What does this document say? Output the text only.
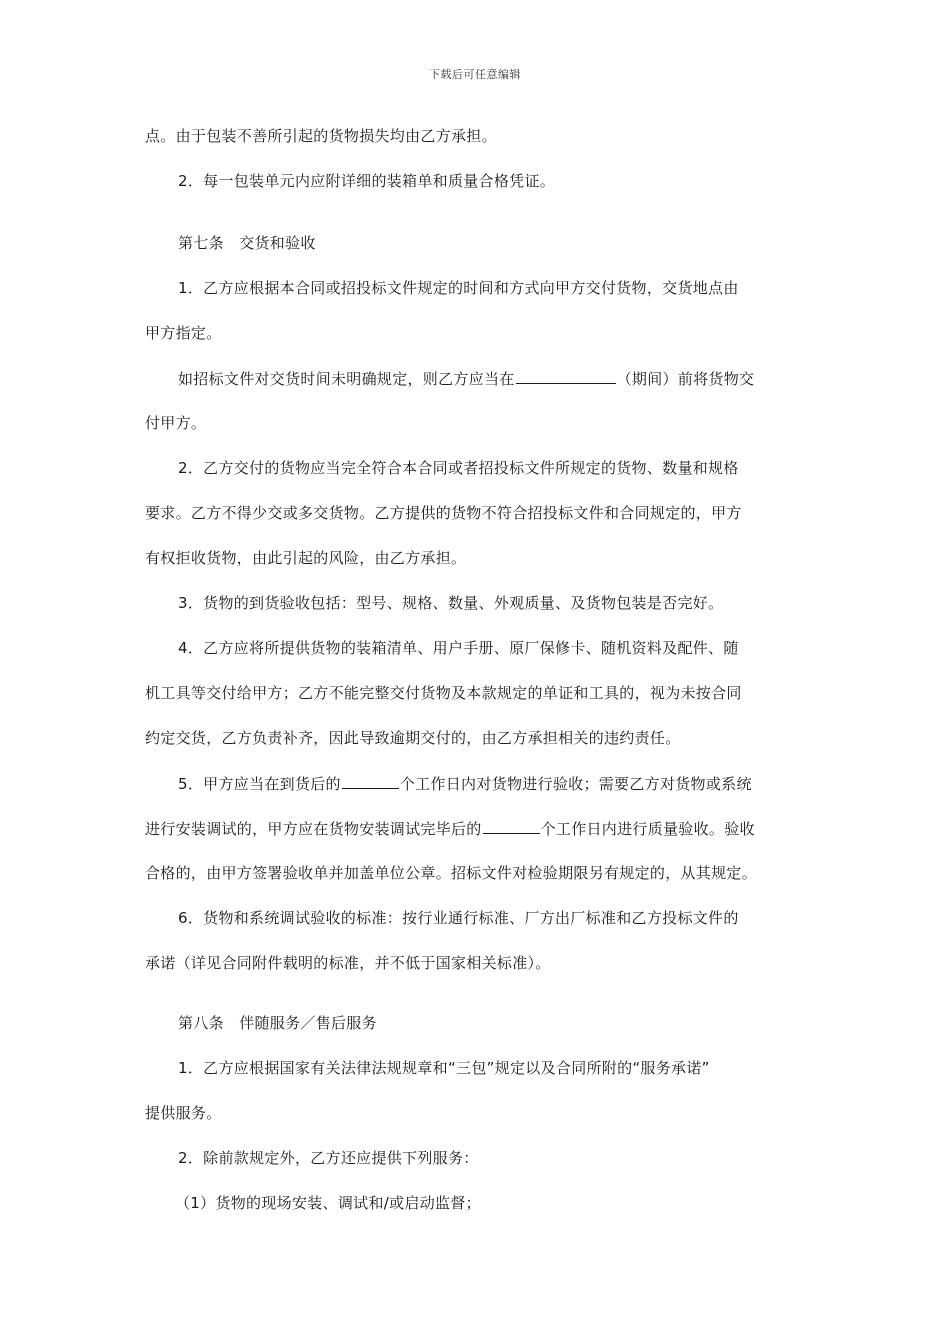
下载后可任意编辑
点。由于包装不善所引起的货物损失均由乙方承担。
2．每一包装单元内应附详细的装箱单和质量合格凭证。
第七条　交货和验收
1．乙方应根据本合同或招投标文件规定的时间和方式向甲方交付货物，交货地点由
甲方指定。
如招标文件对交货时间未明确规定，则乙方应当在	（期间）前将货物交
付甲方。
2．乙方交付的货物应当完全符合本合同或者招投标文件所规定的货物、数量和规格
要求。乙方不得少交或多交货物。乙方提供的货物不符合招投标文件和合同规定的，甲方
有权拒收货物，由此引起的风险，由乙方承担。
3．货物的到货验收包括：型号、规格、数量、外观质量、及货物包装是否完好。
4．乙方应将所提供货物的装箱清单、用户手册、原厂保修卡、随机资料及配件、随
机工具等交付给甲方；乙方不能完整交付货物及本款规定的单证和工具的，视为未按合同
约定交货，乙方负责补齐，因此导致逾期交付的，由乙方承担相关的违约责任。
5．甲方应当在到货后的	个工作日内对货物进行验收；需要乙方对货物或系统
进行安装调试的，甲方应在货物安装调试完毕后的	个工作日内进行质量验收。验收
合格的，由甲方签署验收单并加盖单位公章。招标文件对检验期限另有规定的，从其规定。
6．货物和系统调试验收的标准：按行业通行标准、厂方出厂标准和乙方投标文件的
承诺（详见合同附件载明的标准，并不低于国家相关标准）。
第八条　伴随服务／售后服务
1．乙方应根据国家有关法律法规规章和“三包”规定以及合同所附的“服务承诺”
提供服务。
2．除前款规定外，乙方还应提供下列服务：
（1）货物的现场安装、调试和/或启动监督；
